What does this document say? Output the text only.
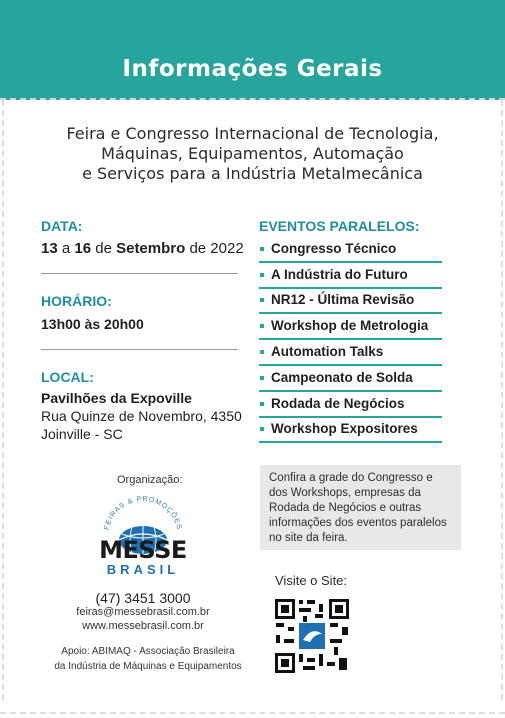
Informações Gerais
Feira e Congresso Internacional de Tecnologia,
Máquinas, Equipamentos, Automação
e Serviços para a Indústria Metalmecânica
DATA:
13 a 16 de Setembro de 2022
HORÁRIO:
13h00 às 20h00
LOCAL:
Pavilhões da Expoville
Rua Quinze de Novembro, 4350
Joinville - SC
EVENTOS PARALELOS:
Congresso Técnico
A Indústria do Futuro
NR12 - Última Revisão
Workshop de Metrologia
Automation Talks
Campeonato de Solda
Rodada de Negócios
Workshop Expositores
Organização:
FEIRAS & PROMOÇÕES
MESSE
BRASIL
(47) 3451 3000
feiras@messebrasil.com.br
www.messebrasil.com.br
Apoio: ABIMAQ - Associação Brasileira
da Indústria de Máquinas e Equipamentos
Confira a grade do Congresso e dos Workshops, empresas da Rodada de Negócios e outras informações dos eventos paralelos no site da feira.
Visite o Site:
